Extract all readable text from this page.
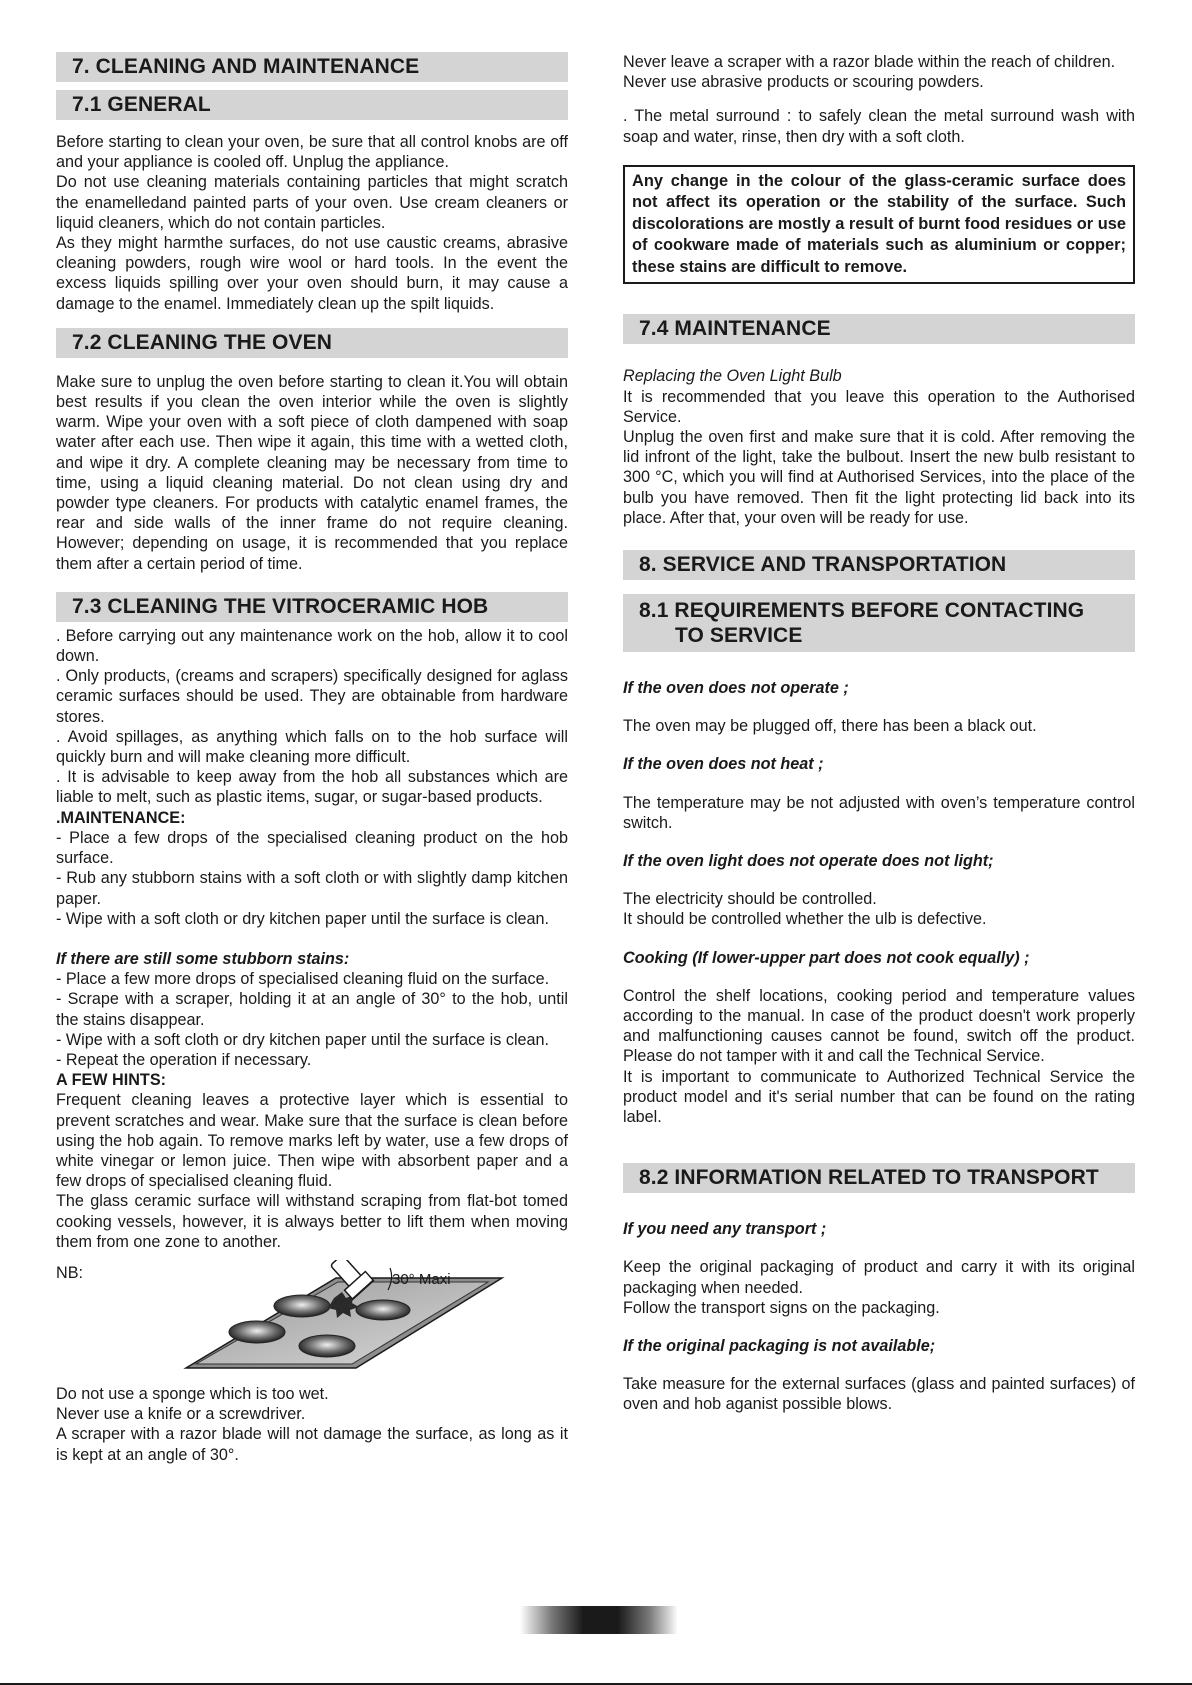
7. CLEANING AND MAINTENANCE
7.1 GENERAL

Before starting to clean your oven, be sure that all control knobs are off and your appliance is cooled off. Unplug the appliance.

Do not use cleaning materials containing particles that might scratch the enamelledand painted parts of your oven. Use cream cleaners or liquid cleaners, which do not contain particles.

As they might harmthe surfaces, do not use caustic creams, abrasive cleaning powders, rough wire wool or hard tools. In the event the excess liquids spilling over your oven should burn, it may cause a damage to the enamel. Immediately clean up the spilt liquids.

7.2 CLEANING THE OVEN

Make sure to unplug the oven before starting to clean it.You will obtain best results if you clean the oven interior while the oven is slightly warm. Wipe your oven with a soft piece of cloth dampened with soap water after each use. Then wipe it again, this time with a wetted cloth, and wipe it dry. A complete cleaning may be necessary from time to time, using a liquid cleaning material. Do not clean using dry and powder type cleaners. For products with catalytic enamel frames, the rear and side walls of the inner frame do not require cleaning. However; depending on usage, it is recommended that you replace them after a certain period of time.

7.3 CLEANING THE VITROCERAMIC HOB

. Before carrying out any maintenance work on the hob, allow it to cool down.

. Only products, (creams and scrapers) specifically designed for aglass ceramic surfaces should be used. They are obtainable from hardware stores.

. Avoid spillages, as anything which falls on to the hob surface will quickly burn and will make cleaning more difficult.

. It is advisable to keep away from the hob all substances which are liable to melt, such as plastic items, sugar, or sugar-based products.

.MAINTENANCE:

- Place a few drops of the specialised cleaning product on the hob surface.

- Rub any stubborn stains with a soft cloth or with slightly damp kitchen paper.

- Wipe with a soft cloth or dry kitchen paper until the surface is clean.

If there are still some stubborn stains:

- Place a few more drops of specialised cleaning fluid on the surface.

- Scrape with a scraper, holding it at an angle of 30° to the hob, until the stains disappear.

- Wipe with a soft cloth or dry kitchen paper until the surface is clean.

- Repeat the operation if necessary.

A FEW HINTS:

Frequent cleaning leaves a protective layer which is essential to prevent scratches and wear. Make sure that the surface is clean before using the hob again. To remove marks left by water, use a few drops of white vinegar or lemon juice. Then wipe with absorbent paper and a few drops of specialised cleaning fluid.

The glass ceramic surface will withstand scraping from flat-bot tomed cooking vessels, however, it is always better to lift them when moving them from one zone to another.

NB:	30° Maxi

Do not use a sponge which is too wet.

Never use a knife or a screwdriver.

A scraper with a razor blade will not damage the surface, as long as it is kept at an angle of 30°.

Never leave a scraper with a razor blade within the reach of children.

Never use abrasive products or scouring powders.

. The metal surround : to safely clean the metal surround wash with soap and water, rinse, then dry with a soft cloth.

Any change in the colour of the glass-ceramic surface does not affect its operation or the stability of the surface. Such discolorations are mostly a result of burnt food residues or use of cookware made of materials such as aluminium or copper; these stains are difficult to remove.
7.4 MAINTENANCE

Replacing the Oven Light Bulb

It is recommended that you leave this operation to the Authorised Service.

Unplug the oven first and make sure that it is cold. After removing the lid infront of the light, take the bulbout. Insert the new bulb resistant to 300 °C, which you will find at Authorised Services, into the place of the bulb you have removed. Then fit the light protecting lid back into its place. After that, your oven will be ready for use.

8. SERVICE AND TRANSPORTATION
8.1 REQUIREMENTS BEFORE CONTACTING
TO SERVICE

If the oven does not operate ;

The oven may be plugged off, there has been a black out.

If the oven does not heat ;

The temperature may be not adjusted with oven’s temperature control switch.

If the oven light does not operate does not light;

The electricity should be controlled.

It should be controlled whether the ulb is defective.

Cooking (If lower-upper part does not cook equally) ;

Control the shelf locations, cooking period and temperature values according to the manual. In case of the product doesn't work properly and malfunctioning causes cannot be found, switch off the product. Please do not tamper with it and call the Technical Service.

It is important to communicate to Authorized Technical Service the product model and it's serial number that can be found on the rating label.

8.2 INFORMATION RELATED TO TRANSPORT

If you need any transport ;

Keep the original packaging of product and carry it with its original packaging when needed.

Follow the transport signs on the packaging.

If the original packaging is not available;

Take measure for the external surfaces (glass and painted surfaces) of oven and hob aganist possible blows.
